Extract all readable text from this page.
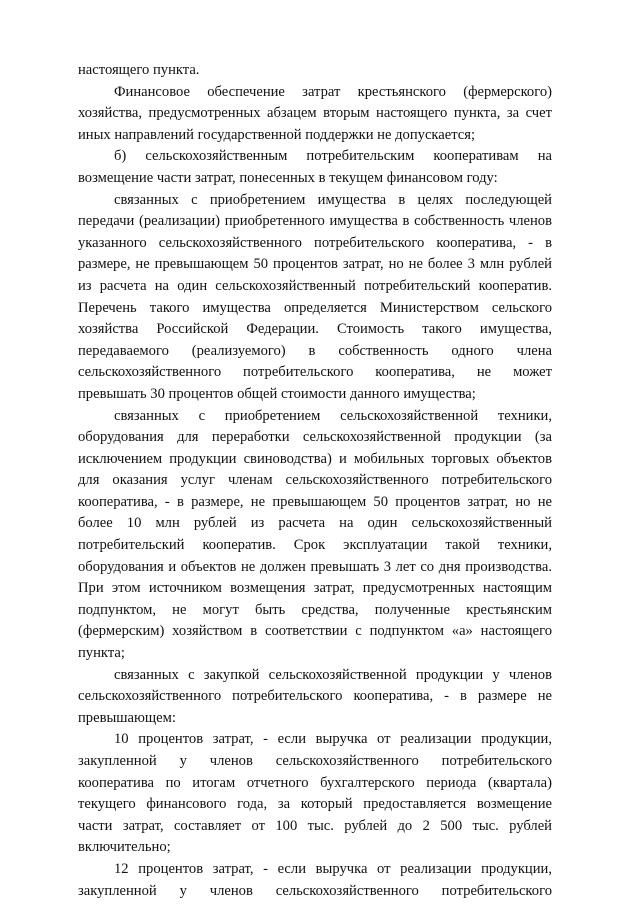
настоящего пункта.
Финансовое обеспечение затрат крестьянского (фермерского)
хозяйства, предусмотренных абзацем вторым настоящего пункта, за счет
иных направлений государственной поддержки не допускается;
б) сельскохозяйственным потребительским кооперативам на
возмещение части затрат, понесенных в текущем финансовом году:
связанных с приобретением имущества в целях последующей
передачи (реализации) приобретенного имущества в собственность членов
указанного сельскохозяйственного потребительского кооператива, - в
размере, не превышающем 50 процентов затрат, но не более 3 млн рублей
из расчета на один сельскохозяйственный потребительский кооператив.
Перечень такого имущества определяется Министерством сельского
хозяйства Российской Федерации. Стоимость такого имущества,
передаваемого (реализуемого) в собственность одного члена
сельскохозяйственного потребительского кооператива, не может
превышать 30 процентов общей стоимости данного имущества;
связанных с приобретением сельскохозяйственной техники,
оборудования для переработки сельскохозяйственной продукции (за
исключением продукции свиноводства) и мобильных торговых объектов
для оказания услуг членам сельскохозяйственного потребительского
кооператива, - в размере, не превышающем 50 процентов затрат, но не
более 10 млн рублей из расчета на один сельскохозяйственный
потребительский кооператив. Срок эксплуатации такой техники,
оборудования и объектов не должен превышать 3 лет со дня производства.
При этом источником возмещения затрат, предусмотренных настоящим
подпунктом, не могут быть средства, полученные крестьянским
(фермерским) хозяйством в соответствии с подпунктом «а» настоящего
пункта;
связанных с закупкой сельскохозяйственной продукции у членов
сельскохозяйственного потребительского кооператива, - в размере не
превышающем:
10 процентов затрат, - если выручка от реализации продукции,
закупленной у членов сельскохозяйственного потребительского
кооператива по итогам отчетного бухгалтерского периода (квартала)
текущего финансового года, за который предоставляется возмещение
части затрат, составляет от 100 тыс. рублей до 2 500 тыс. рублей
включительно;
12 процентов затрат, - если выручка от реализации продукции,
закупленной у членов сельскохозяйственного потребительского
